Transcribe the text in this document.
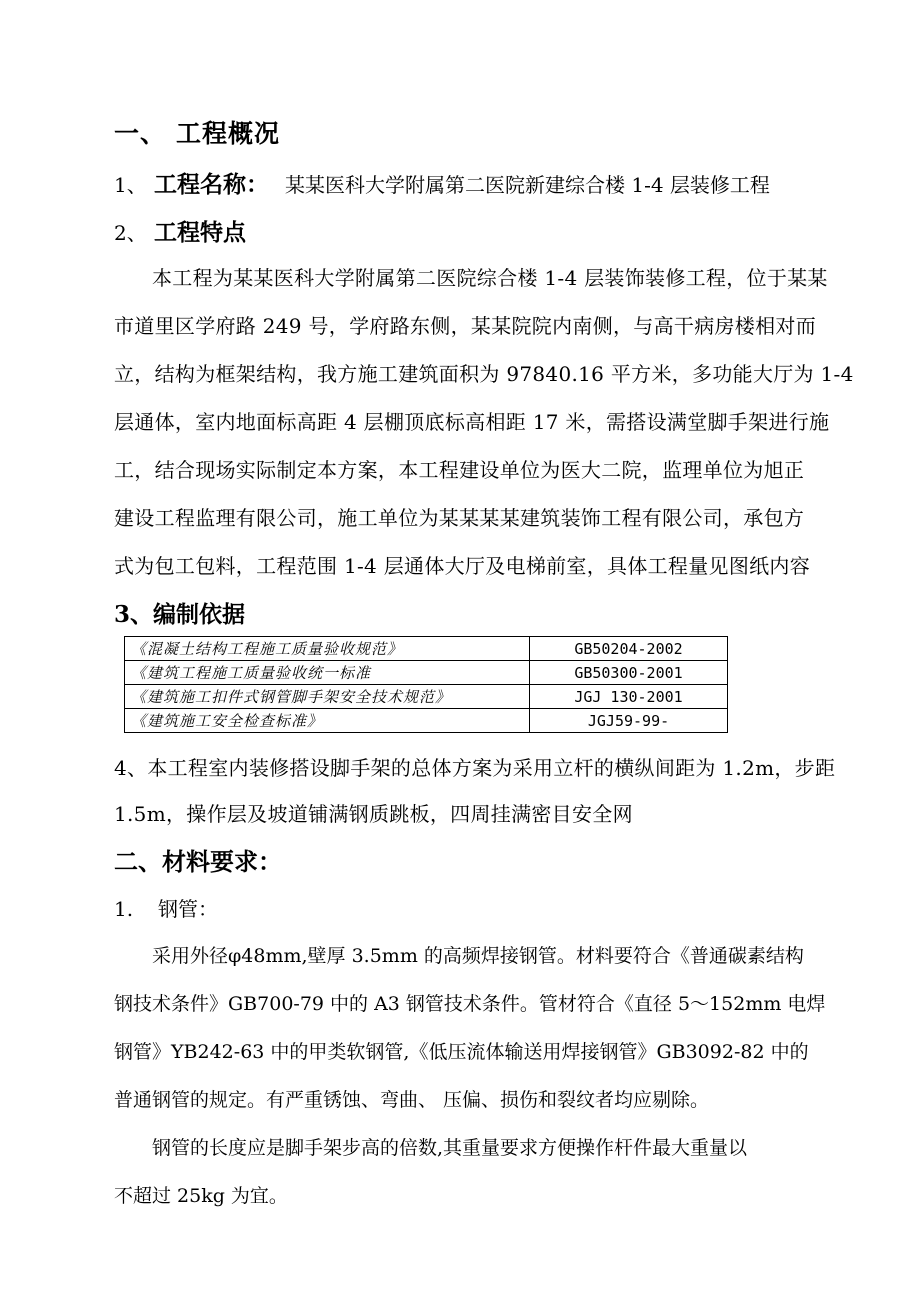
一、 工程概况
1、 工程名称： 某某医科大学附属第二医院新建综合楼 1-4 层装修工程
2、 工程特点
本工程为某某医科大学附属第二医院综合楼 1-4 层装饰装修工程，位于某某
市道里区学府路 249 号，学府路东侧，某某院院内南侧，与高干病房楼相对而
立，结构为框架结构，我方施工建筑面积为 97840.16 平方米，多功能大厅为 1-4
层通体，室内地面标高距 4 层棚顶底标高相距 17 米，需搭设满堂脚手架进行施
工，结合现场实际制定本方案，本工程建设单位为医大二院，监理单位为旭正
建设工程监理有限公司，施工单位为某某某某建筑装饰工程有限公司，承包方
式为包工包料，工程范围 1-4 层通体大厅及电梯前室，具体工程量见图纸内容
3、编制依据
《混凝土结构工程施工质量验收规范》	GB50204-2002
《建筑工程施工质量验收统一标准	GB50300-2001
《建筑施工扣件式钢管脚手架安全技术规范》	JGJ 130-2001
《建筑施工安全检查标准》	JGJ59-99-
4、本工程室内装修搭设脚手架的总体方案为采用立杆的横纵间距为 1.2m，步距
1.5m，操作层及坡道铺满钢质跳板，四周挂满密目安全网
二、材料要求：
1. 钢管：
采用外径φ48mm,壁厚 3.5mm 的高频焊接钢管。材料要符合《普通碳素结构
钢技术条件》GB700-79 中的 A3 钢管技术条件。管材符合《直径 5～152mm 电焊
钢管》YB242-63 中的甲类软钢管,《低压流体输送用焊接钢管》GB3092-82 中的
普通钢管的规定。有严重锈蚀、弯曲、 压偏、损伤和裂纹者均应剔除。
钢管的长度应是脚手架步高的倍数,其重量要求方便操作杆件最大重量以
不超过 25kg 为宜。
